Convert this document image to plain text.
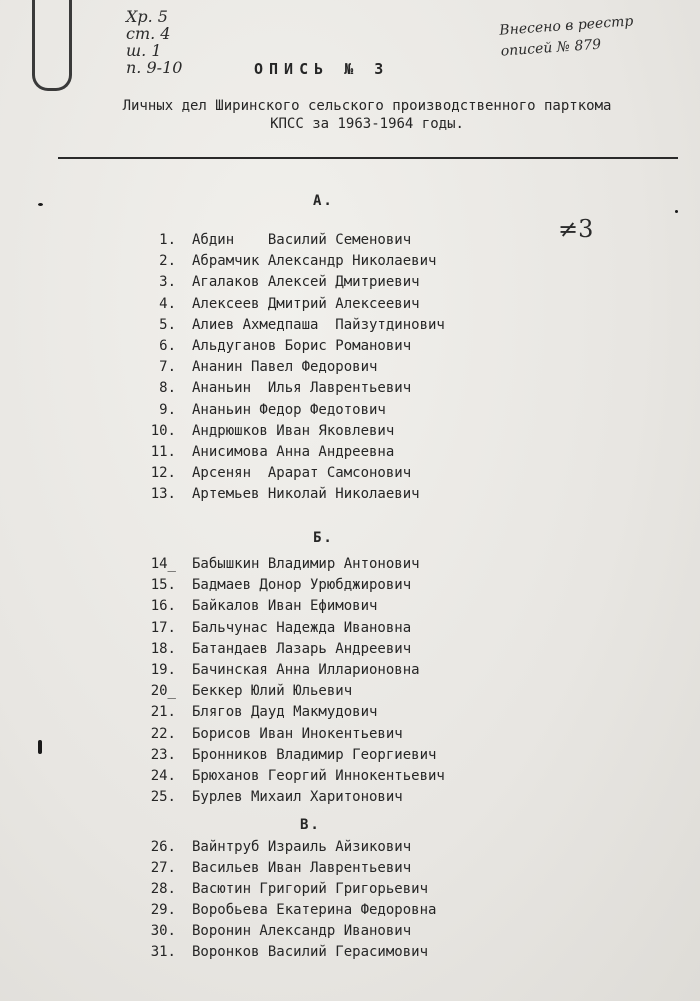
Хр. 5
ст. 4
ш. 1
п. 9-10
Внесено в реестр
описей № 879
≠3
ОПИСЬ № 3
Личных дел Ширинского сельского производственного парткома
КПСС за 1963-1964 годы.
А.
1. Абдин    Василий Семенович
2. Абрамчик Александр Николаевич
3. Агалаков Алексей Дмитриевич
4. Алексеев Дмитрий Алексеевич
5. Алиев Ахмедпаша  Пайзутдинович
6. Альдуганов Борис Романович
7. Ананин Павел Федорович
8. Ананьин  Илья Лаврентьевич
9. Ананьин Федор Федотович
10. Андрюшков Иван Яковлевич
11. Анисимова Анна Андреевна
12. Арсенян  Арарат Самсонович
13. Артемьев Николай Николаевич
Б.
14_ Бабышкин Владимир Антонович
15. Бадмаев Донор Урюбджирович
16. Байкалов Иван Ефимович
17. Бальчунас Надежда Ивановна
18. Батандаев Лазарь Андреевич
19. Бачинская Анна Илларионовна
20_ Беккер Юлий Юльевич
21. Блягов Дауд Макмудович
22. Борисов Иван Инокентьевич
23. Бронников Владимир Георгиевич
24. Брюханов Георгий Иннокентьевич
25. Бурлев Михаил Харитонович
В.
26. Вайнтруб Израиль Айзикович
27. Васильев Иван Лаврентьевич
28. Васютин Григорий Григорьевич
29. Воробьева Екатерина Федоровна
30. Воронин Александр Иванович
31. Воронков Василий Герасимович
